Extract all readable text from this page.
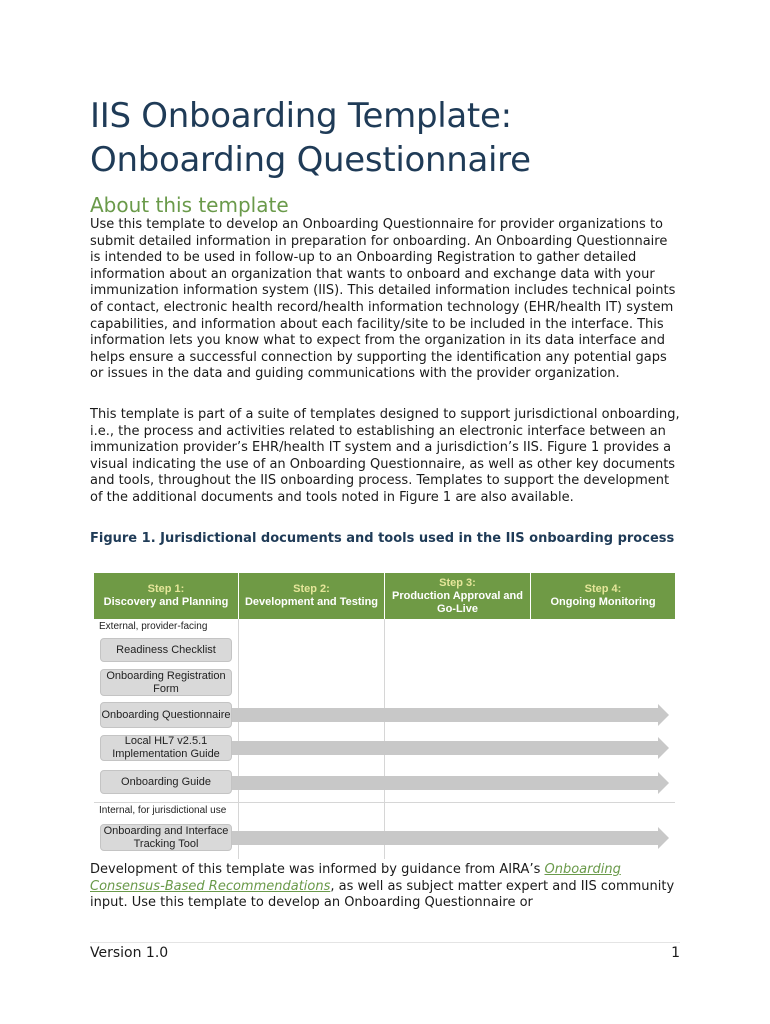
IIS Onboarding Template:
Onboarding Questionnaire
About this template

Use this template to develop an Onboarding Questionnaire for provider organizations to submit detailed information in preparation for onboarding. An Onboarding Questionnaire is intended to be used in follow-up to an Onboarding Registration to gather detailed information about an organization that wants to onboard and exchange data with your immunization information system (IIS). This detailed information includes technical points of contact, electronic health record/health information technology (EHR/health IT) system capabilities, and information about each facility/site to be included in the interface. This information lets you know what to expect from the organization in its data interface and helps ensure a successful connection by supporting the identification any potential gaps or issues in the data and guiding communications with the provider organization.

This template is part of a suite of templates designed to support jurisdictional onboarding, i.e., the process and activities related to establishing an electronic interface between an immunization provider’s EHR/health IT system and a jurisdiction’s IIS. Figure 1 provides a visual indicating the use of an Onboarding Questionnaire, as well as other key documents and tools, throughout the IIS onboarding process. Templates to support the development of the additional documents and tools noted in Figure 1 are also available.

Figure 1. Jurisdictional documents and tools used in the IIS onboarding process

Step 1:
Discovery and Planning
Step 2:
Development and Testing
Step 3:
Production Approval and Go-Live
Step 4:
Ongoing Monitoring
External, provider-facing
Readiness Checklist
Onboarding Registration Form
Onboarding Questionnaire
Local HL7 v2.5.1 Implementation Guide
Onboarding Guide
Internal, for jurisdictional use
Onboarding and Interface Tracking Tool

Development of this template was informed by guidance from AIRA’s Onboarding Consensus-Based Recommendations, as well as subject matter expert and IIS community input. Use this template to develop an Onboarding Questionnaire or

Version 1.0	1
